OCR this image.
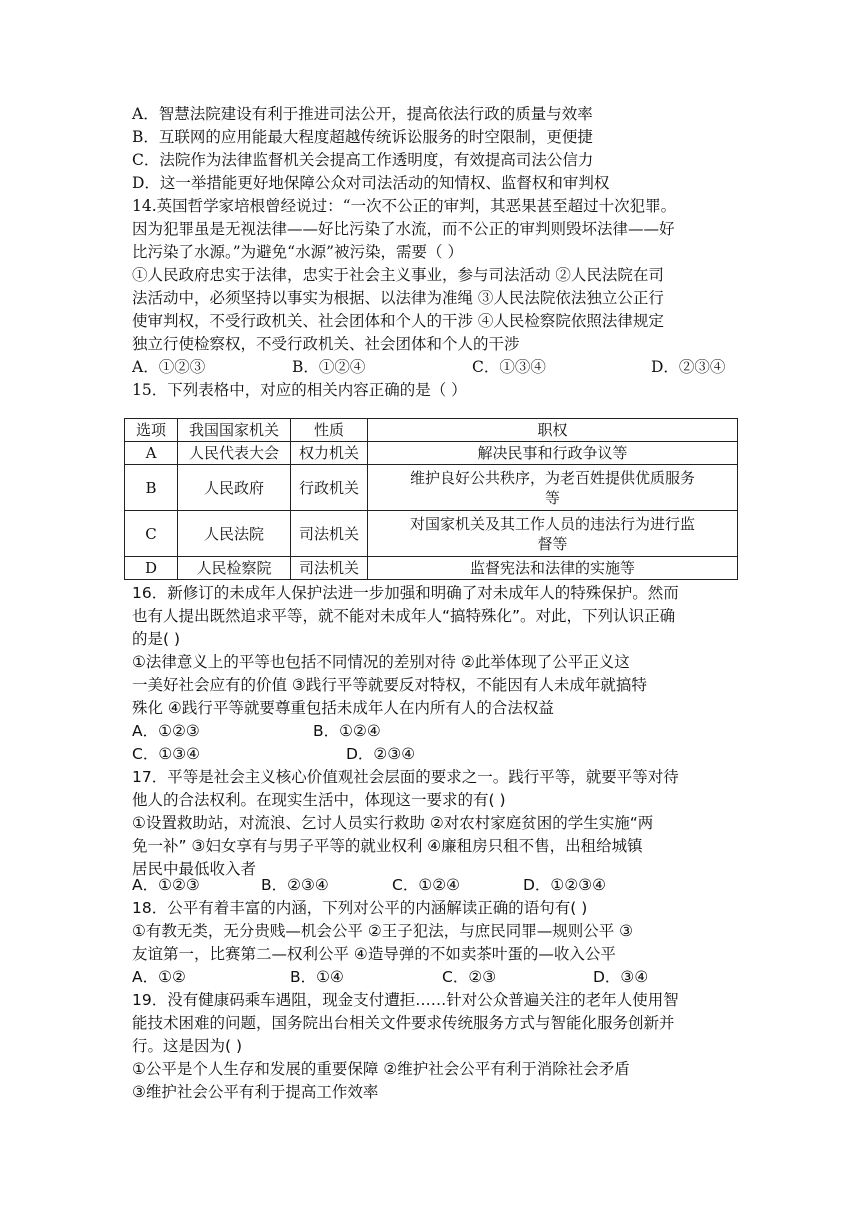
A．智慧法院建设有利于推进司法公开，提高依法行政的质量与效率
B．互联网的应用能最大程度超越传统诉讼服务的时空限制，更便捷
C．法院作为法律监督机关会提高工作透明度，有效提高司法公信力
D．这一举措能更好地保障公众对司法活动的知情权、监督权和审判权
14.英国哲学家培根曾经说过：“一次不公正的审判，其恶果甚至超过十次犯罪。
因为犯罪虽是无视法律——好比污染了水流，而不公正的审判则毁坏法律——好
比污染了水源。”为避免“水源”被污染，需要（ ）
①人民政府忠实于法律，忠实于社会主义事业，参与司法活动 ②人民法院在司
法活动中，必须坚持以事实为根据、以法律为准绳 ③人民法院依法独立公正行
使审判权，不受行政机关、社会团体和个人的干涉 ④人民检察院依照法律规定
独立行使检察权，不受行政机关、社会团体和个人的干涉
A．①②③	B．①②④	C．①③④	D．②③④
15．下列表格中，对应的相关内容正确的是（ ）
选项	我国国家机关	性质	职权
A	人民代表大会	权力机关	解决民事和行政争议等
B	人民政府	行政机关	维护良好公共秩序，为老百姓提供优质服务
等
C	人民法院	司法机关	对国家机关及其工作人员的违法行为进行监
督等
D	人民检察院	司法机关	监督宪法和法律的实施等
16．新修订的未成年人保护法进一步加强和明确了对未成年人的特殊保护。然而
也有人提出既然追求平等，就不能对未成年人“搞特殊化”。对此，下列认识正确
的是( )
①法律意义上的平等也包括不同情况的差别对待 ②此举体现了公平正义这
一美好社会应有的价值 ③践行平等就要反对特权，不能因有人未成年就搞特
殊化 ④践行平等就要尊重包括未成年人在内所有人的合法权益
A．①②③	B．①②④
C．①③④	D．②③④
17．平等是社会主义核心价值观社会层面的要求之一。践行平等，就要平等对待
他人的合法权利。在现实生活中，体现这一要求的有( )
①设置救助站，对流浪、乞讨人员实行救助 ②对农村家庭贫困的学生实施“两
免一补” ③妇女享有与男子平等的就业权利 ④廉租房只租不售，出租给城镇
居民中最低收入者
A．①②③	B．②③④	C．①②④	D．①②③④
18．公平有着丰富的内涵，下列对公平的内涵解读正确的语句有( )
①有教无类，无分贵贱—机会公平 ②王子犯法，与庶民同罪—规则公平 ③
友谊第一，比赛第二—权利公平 ④造导弹的不如卖茶叶蛋的—收入公平
A．①②	B．①④	C．②③	D．③④
19．没有健康码乘车遇阻，现金支付遭拒……针对公众普遍关注的老年人使用智
能技术困难的问题，国务院出台相关文件要求传统服务方式与智能化服务创新并
行。这是因为( )
①公平是个人生存和发展的重要保障 ②维护社会公平有利于消除社会矛盾
③维护社会公平有利于提高工作效率
